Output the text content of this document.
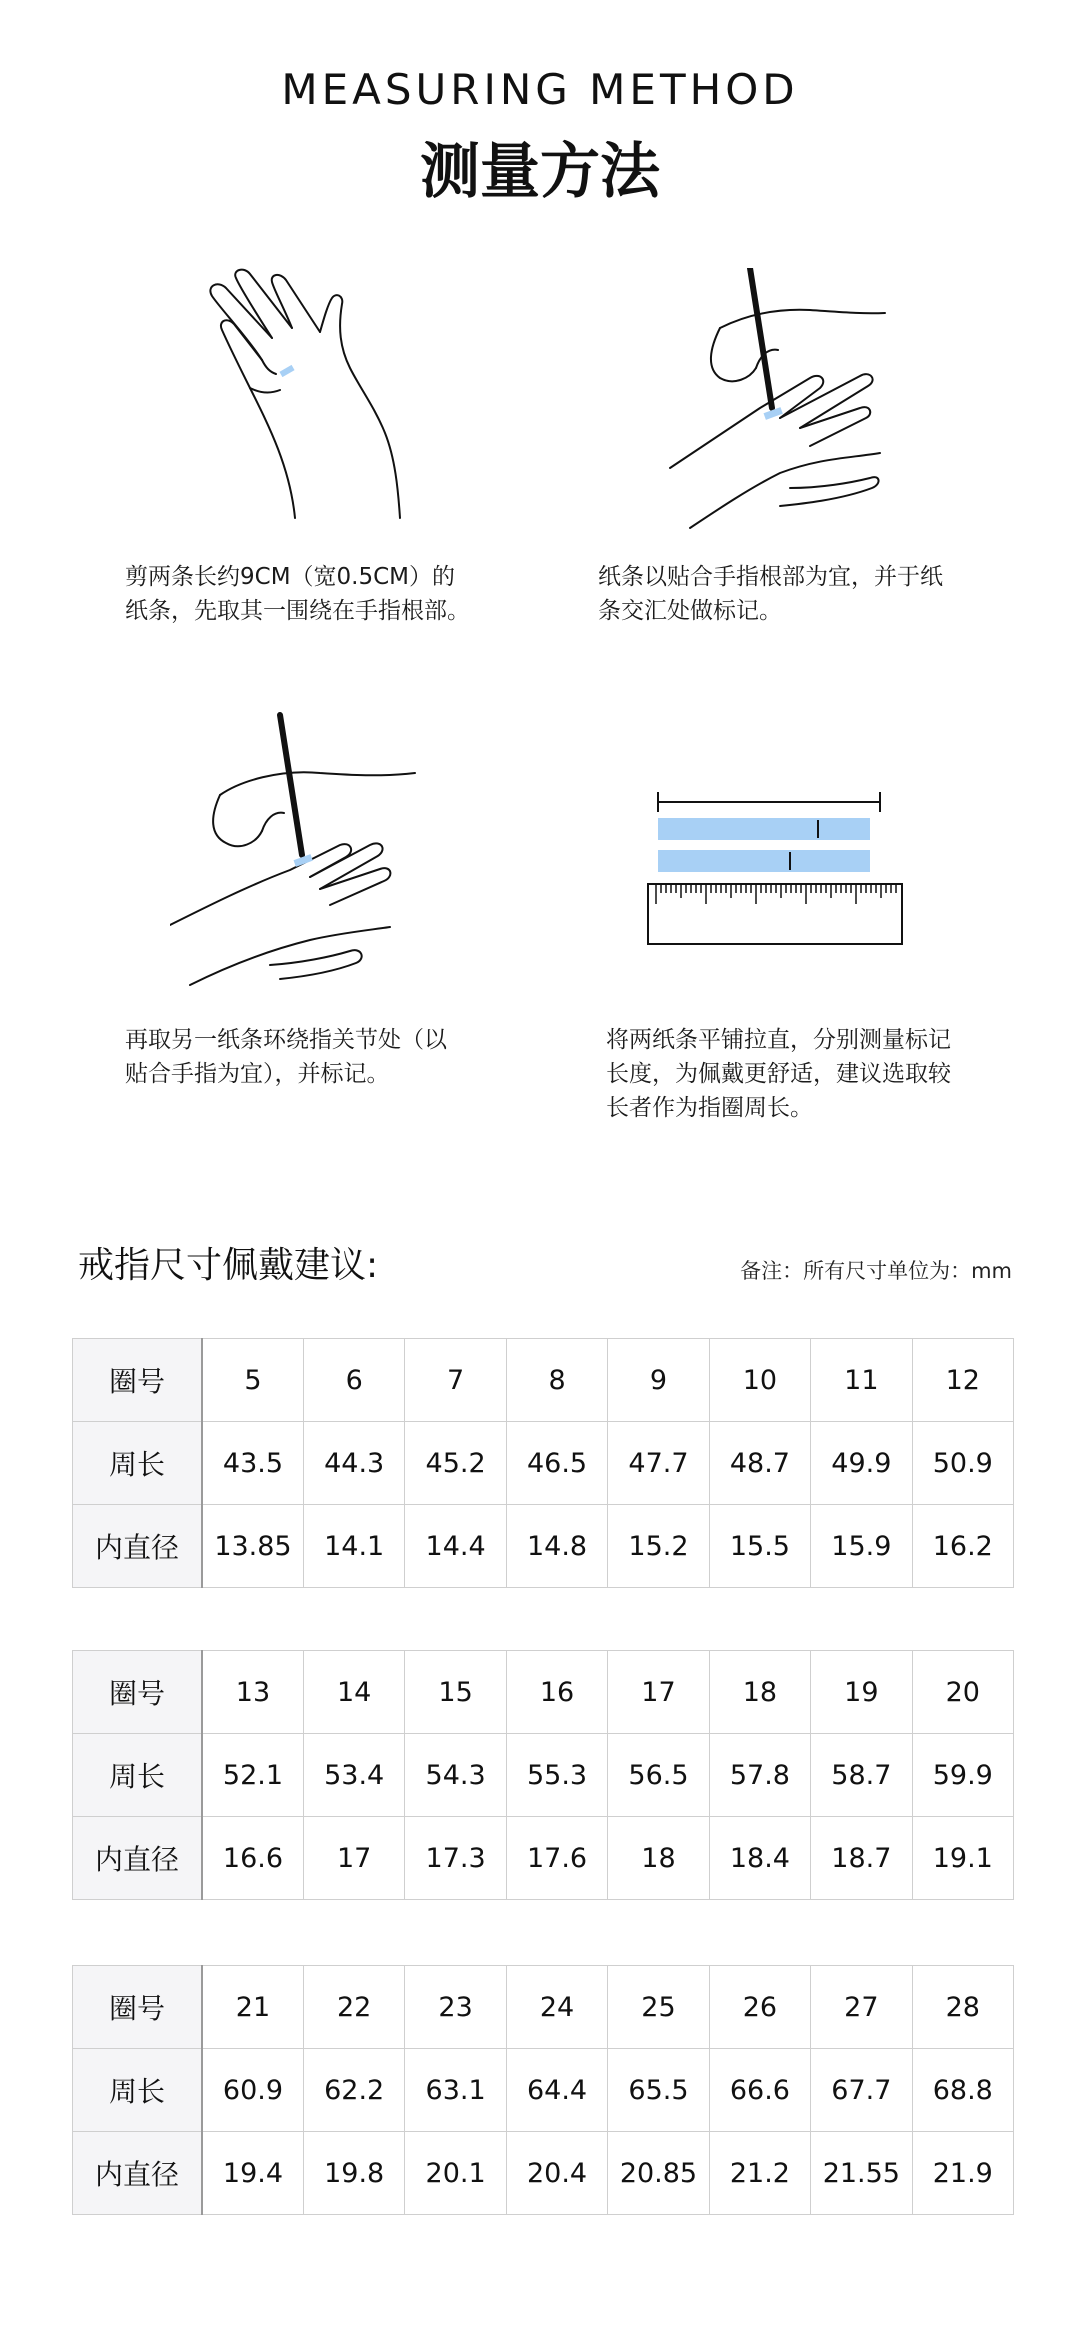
MEASURING METHOD
测量方法
剪两条长约9CM（宽0.5CM）的
纸条，先取其一围绕在手指根部。
纸条以贴合手指根部为宜，并于纸
条交汇处做标记。
再取另一纸条环绕指关节处（以
贴合手指为宜），并标记。
将两纸条平铺拉直，分别测量标记
长度，为佩戴更舒适，建议选取较
长者作为指圈周长。
戒指尺寸佩戴建议:	备注：所有尺寸单位为：mm
圈号	5	6	7	8	9	10	11	12
周长	43.5	44.3	45.2	46.5	47.7	48.7	49.9	50.9
内直径	13.85	14.1	14.4	14.8	15.2	15.5	15.9	16.2
圈号	13	14	15	16	17	18	19	20
周长	52.1	53.4	54.3	55.3	56.5	57.8	58.7	59.9
内直径	16.6	17	17.3	17.6	18	18.4	18.7	19.1
圈号	21	22	23	24	25	26	27	28
周长	60.9	62.2	63.1	64.4	65.5	66.6	67.7	68.8
内直径	19.4	19.8	20.1	20.4	20.85	21.2	21.55	21.9
